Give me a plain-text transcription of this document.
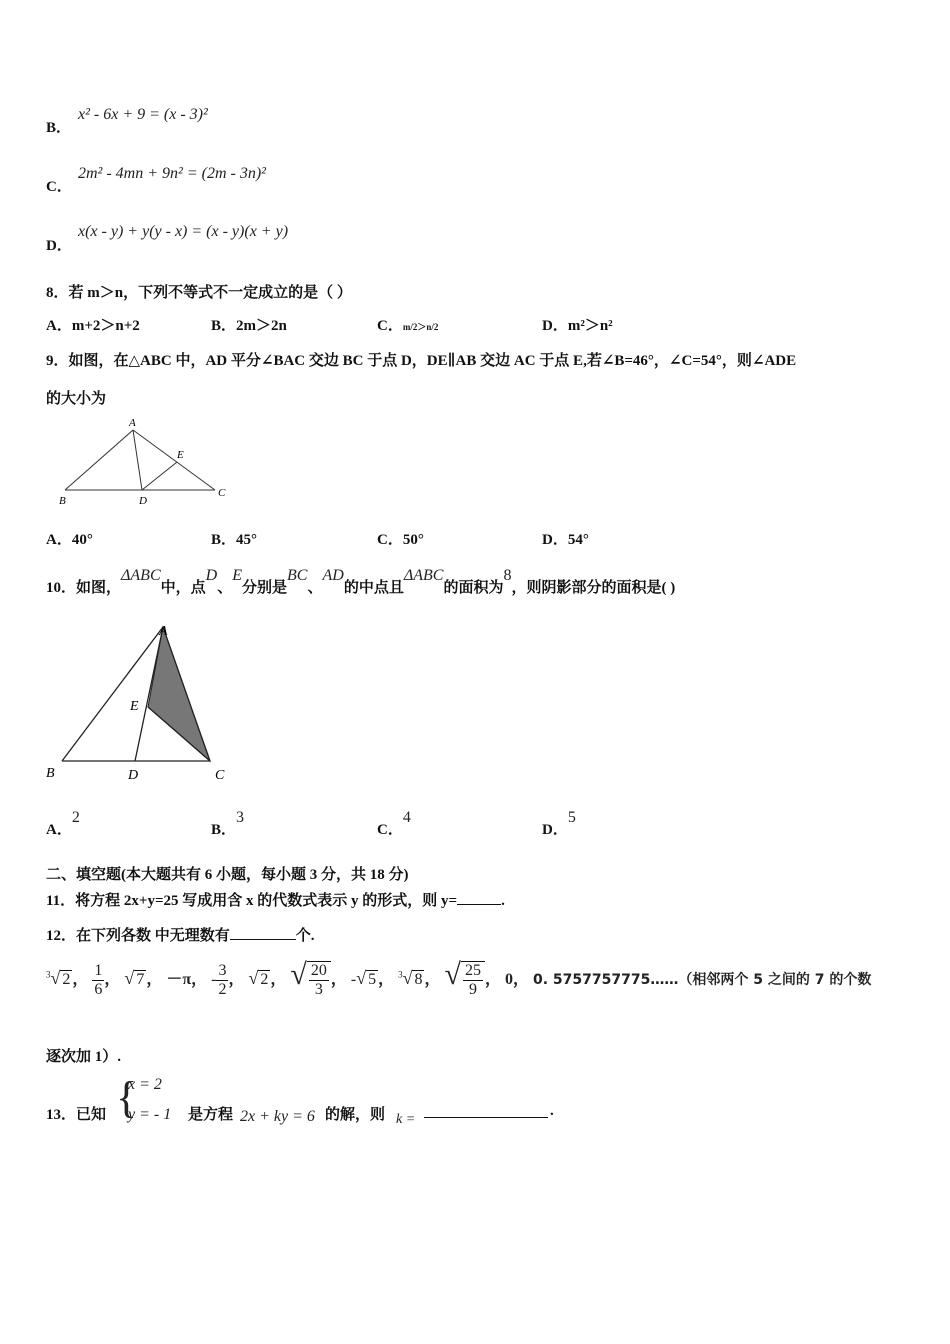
B．
x² - 6x + 9 = (x - 3)²
C．
2m² - 4mn + 9n² = (2m - 3n)²
D．
x(x - y) + y(y - x) = (x - y)(x + y)
8．若 m＞n，下列不等式不一定成立的是（ ）
A．m+2＞n+2	B．2m＞2n	C．m/2＞n/2	D．m²＞n²
9．如图，在△ABC 中，AD 平分∠BAC 交边 BC 于点 D，DE∥AB 交边 AC 于点 E,若∠B=46°，∠C=54°，则∠ADE
的大小为
A
B
C
D
E
A．40°	B．45°	C．50°	D．54°
10．如图，ΔABC中，点D、E分别是BC、AD的中点且ΔABC的面积为8，则阴影部分的面积是( )
A
B	C
D
E
A．2
B．3
C．4
D．5
二、填空题(本大题共有 6 小题，每小题 3 分，共 18 分)
11．将方程 2x+y=25 写成用含 x 的代数式表示 y 的形式，则 y=	.
12．在下列各数 中无理数有	个.
$^3$√ 2 ， $\frac{1}{6}$ ， √ 7 ， －π， - $\frac{3}{2}$ ， √ 2 ， √ $\frac{20}{3}$ ， -√ 5 ， $^3$√ 8 ， √ $\frac{25}{9}$ ， 0， 0. 5757757775……（相邻两个 5 之间的 7 的个数
逐次加 1）.
13．已知 {
x = 2
y = - 1 是方程 2x + ky = 6 的解，则 k =
.
